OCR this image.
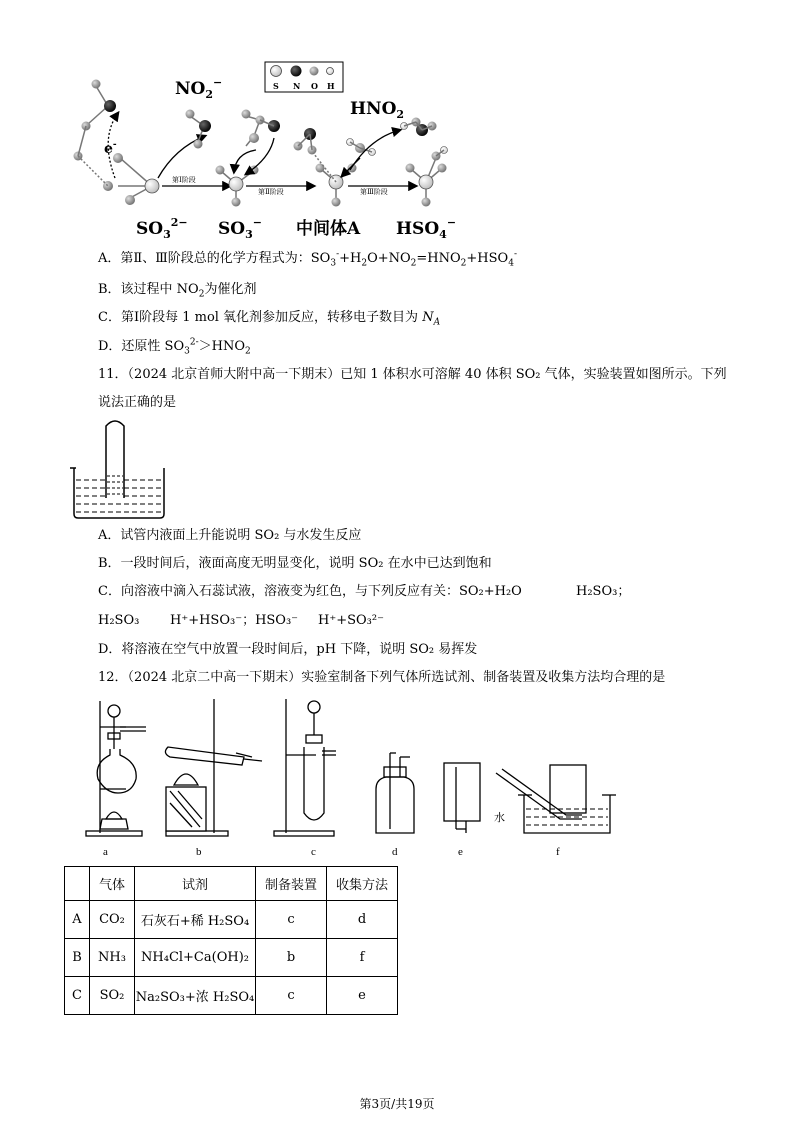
S N O H
e-
$NO_2^-$
第Ⅰ阶段
第Ⅱ阶段	第Ⅲ阶段
$HNO_2$
$SO_3^{2-}$ $SO_3^-$ 中间体A $HSO_4^-$
A．第Ⅱ、Ⅲ阶段总的化学方程式为：$SO_3^-+H_2O+NO_2=HNO_2+HSO_4^-$
B．该过程中 $NO_2$为催化剂
C．第Ⅰ阶段每 1 mol 氧化剂参加反应，转移电子数目为 $N_A$
D．还原性 $SO_3^{2-}>HNO_2$
11．（2024 北京首师大附中高一下期末）已知 1 体积水可溶解 40 体积 SO₂ 气体，实验装置如图所示。下列
说法正确的是
A．试管内液面上升能说明 SO₂ 与水发生反应
B．一段时间后，液面高度无明显变化，说明 SO₂ 在水中已达到饱和
C．向溶液中滴入石蕊试液，溶液变为红色，与下列反应有关：SO₂+H₂O	H₂SO₃；
H₂SO₃ H⁺+HSO₃⁻；HSO₃⁻ H⁺+SO₃²⁻
D．将溶液在空气中放置一段时间后，pH 下降，说明 SO₂ 易挥发
12．（2024 北京二中高一下期末）实验室制备下列气体所选试剂、制备装置及收集方法均合理的是
a	b	c	d	e	f
水
	气体	试剂	制备装置	收集方法
A	CO₂	石灰石+稀 H₂SO₄	c	d
B	NH₃	NH₄Cl+Ca(OH)₂	b	f
C	SO₂	Na₂SO₃+浓 H₂SO₄	c	e
第3页/共19页
